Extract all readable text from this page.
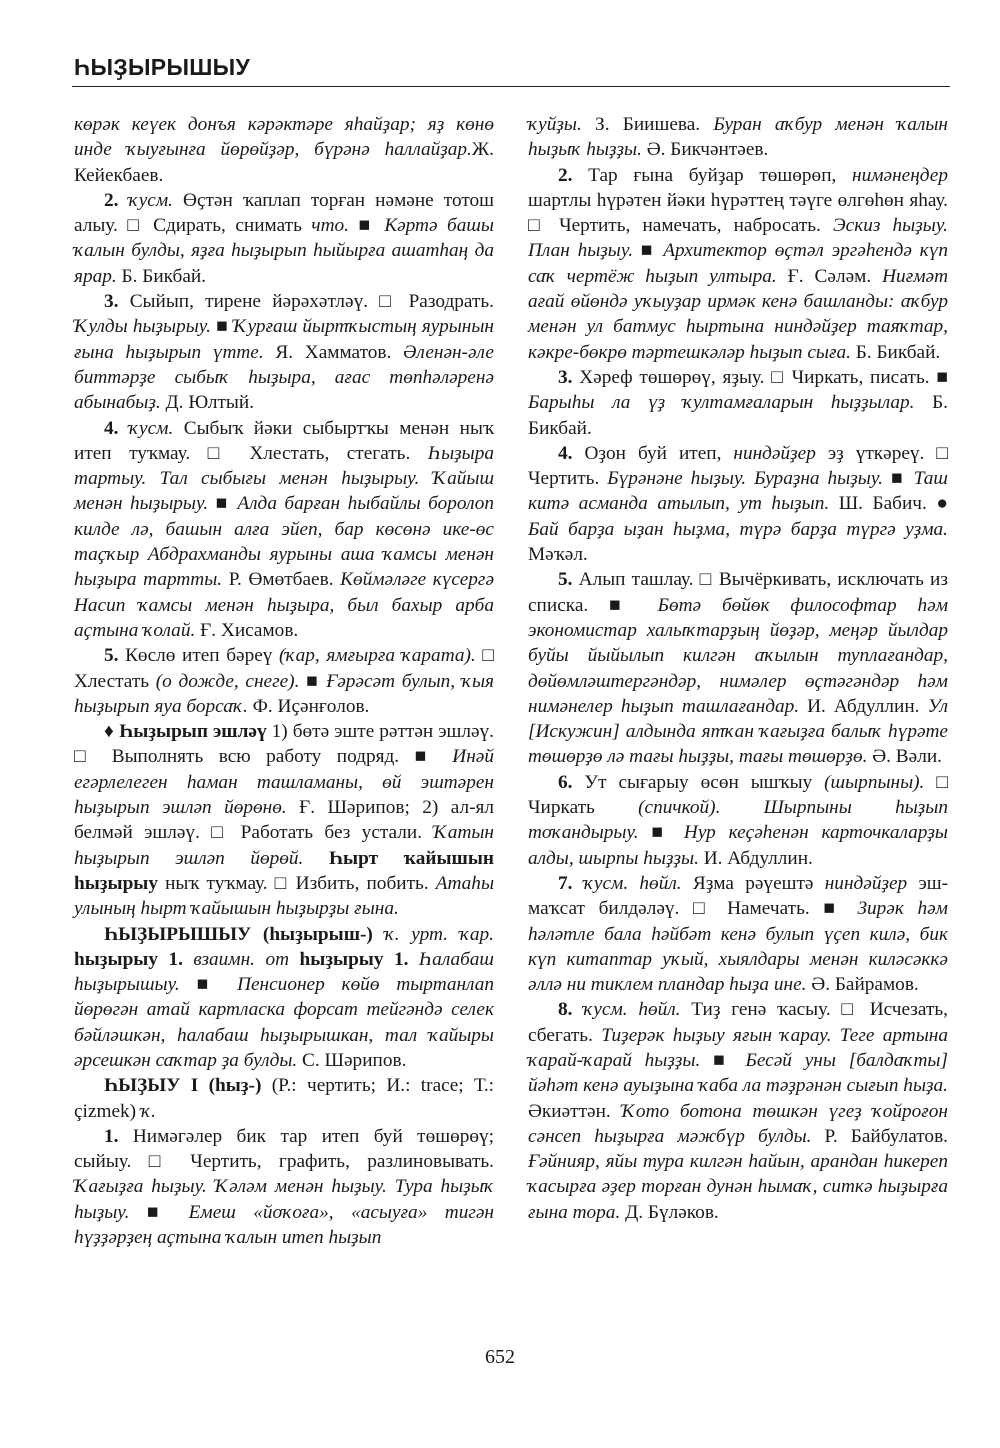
ҺЫҘЫРЫШЫУ

көрәк кеүек донъя кәрәктәре яһайҙар; яҙ көнө инде ҡыуғынға йөрөйҙәр, бүрәнә һаллайҙар.Ж. Кейекбаев.

2. ҡусм. Өҫтән ҡаплап торған нәмәне тотош алыу. □ Сдирать, снимать что. ■ Кәртә башы ҡалын булды, яҙға һыҙырып һыйырға ашатһаң да ярар. Б. Бикбай.

3. Сыйып, тирене йәрәхәтләү. □ Разодрать. Ҡулды һыҙырыу. ■ Ҡурғаш йыртҡыстың яурынын ғына һыҙырып үтте. Я. Хамматов. Әленән-әле биттәрҙе сыбыҡ һыҙыра, ағас төпһәләренә абынабыҙ. Д. Юлтый.

4. ҡусм. Сыбыҡ йәки сыбыртҡы менән ныҡ итеп туҡмау. □ Хлестать, стегать. Һыҙыра тартыу. Тал сыбығы менән һыҙырыу. Ҡайыш менән һыҙырыу. ■ Алда барған һыбайлы боролоп килде лә, башын алға эйеп, бар көсөнә ике-өс таҫҡыр Абдрахманды яурыны аша ҡамсы менән һыҙыра тартты. Р. Өмөтбаев. Көймәләге күсергә Насип ҡамсы менән һыҙыра, был бахыр арба аҫтына ҡолай. Ғ. Хисамов.

5. Көслө итеп бәреү (ҡар, ямғырға ҡарата). □ Хлестать (о дожде, снеге). ■ Ғәрәсәт булып, ҡыя һыҙырып яуа борсаҡ. Ф. Иҫәнғолов.

♦ Һыҙырып эшләү 1) бөтә эште рәттән эшләү. □ Выполнять всю работу подряд. ■ Инәй егәрлелеген һаман ташламаны, өй эштәрен һыҙырып эшләп йөрөнө. Ғ. Шәрипов; 2) ал-ял белмәй эшләү. □ Работать без устали. Ҡатын һыҙырып эшләп йөрөй. Һырт ҡайышын һыҙырыу ныҡ туҡмау. □ Избить, побить. Атаһы улының һырт ҡайышын һыҙырҙы ғына.

ҺЫҘЫРЫШЫУ (һыҙырыш-) ҡ. урт. ҡар. һыҙырыу 1. взаимн. от һыҙырыу 1. Һалабаш һыҙырышыу. ■ Пенсионер көйө тыртанлап йөрөгән атай картласка форсат тейгәндә селек бәйләшкән, һалабаш һыҙырышкан, тал ҡайыры әрсешкән саҡтар ҙа булды. С. Шәрипов.

ҺЫҘЫУ I (һыҙ-) (Р.: чертить; И.: trace; Т.: çizmek) ҡ.

1. Нимәгәлер бик тар итеп буй төшөрөү; сыйыу. □ Чертить, графить, разлиновывать. Ҡағыҙға һыҙыу. Ҡәләм менән һыҙыу. Тура һыҙыҡ һыҙыу. ■ Емеш «йоҡоға», «асыуға» тигән һүҙҙәрҙең аҫтына ҡалын итеп һыҙып

ҡуйҙы. З. Биишева. Буран аҡбур менән ҡалын һыҙыҡ һыҙҙы. Ә. Бикчәнтәев.

2. Тар ғына буйҙар төшөрөп, нимәнеңдер шартлы һүрәтен йәки һүрәттең тәүге өлгөһөн яһау. □ Чертить, намечать, набросать. Эскиз һыҙыу. План һыҙыу. ■ Архитектор өҫтәл эргәһендә күп саҡ чертёж һыҙып ултыра. Ғ. Сәләм. Ниғмәт ағай өйөндә уҡыуҙар ирмәк кенә башланды: аҡбур менән ул батмус һыртына ниндәйҙер таяҡтар, кәкре-бөкрө тәртешкәләр һыҙып сыға. Б. Бикбай.

3. Хәреф төшөрөү, яҙыу. □ Чиркать, писать. ■ Барыһы ла үҙ ҡултамғаларын һыҙҙылар. Б. Бикбай.

4. Оҙон буй итеп, ниндәйҙер эҙ үткәреү. □ Чертить. Бүрәнәне һыҙыу. Бураҙна һыҙыу. ■ Таш китә асманда атылып, ут һыҙып. Ш. Бабич. ● Бай барҙа ыҙан һыҙма, түрә барҙа түргә уҙма. Мәҡәл.

5. Алып ташлау. □ Вычёркивать, исключать из списка. ■ Бөтә бөйөк философтар һәм экономистар халыҡтарҙың йөҙәр, меңәр йылдар буйы йыйылып килгән аҡылын туплағандар, дөйөмләштергәндәр, нимәлер өҫтәгәндәр һәм нимәнелер һыҙып ташлағандар. И. Абдуллин. Ул [Искужин] алдында ятҡан ҡағыҙға балыҡ һүрәте төшөрҙө лә тағы һыҙҙы, тағы төшөрҙө. Ә. Вәли.

6. Ут сығарыу өсөн ышҡыу (шырпыны). □ Чиркать (спичкой). Шырпыны һыҙып тоҡандырыу. ■ Нур кеҫәһенән карточкаларҙы алды, шырпы һыҙҙы. И. Абдуллин.

7. ҡусм. һөйл. Яҙма рәүештә ниндәйҙер эшмаҡсат билдәләү. □ Намечать. ■ Зирәк һәм һәләтле бала һәйбәт кенә булып үҫеп килә, бик күп китаптар уҡый, хыялдары менән киләсәккә әллә ни тиклем пландар һыҙа ине. Ә. Байрамов.

8. ҡусм. һөйл. Тиҙ генә ҡасыу. □ Исчезать, сбегать. Тиҙерәк һыҙыу яғын ҡарау. Теге артына ҡарай-ҡарай һыҙҙы. ■ Бесәй уны [балдаҡты] йәһәт кенә ауыҙына ҡаба ла тәҙрәнән сығып һыҙа. Әкиәттән. Ҡото ботона төшкән үгеҙ ҡойроғон сәнсеп һыҙырға мәжбүр булды. Р. Байбулатов. Ғәйнияр, яйы тура килгән һайын, арандан һикереп ҡасырға әҙер торған дунән һымаҡ, ситкә һыҙырға ғына тора. Д. Бүләков.

652
